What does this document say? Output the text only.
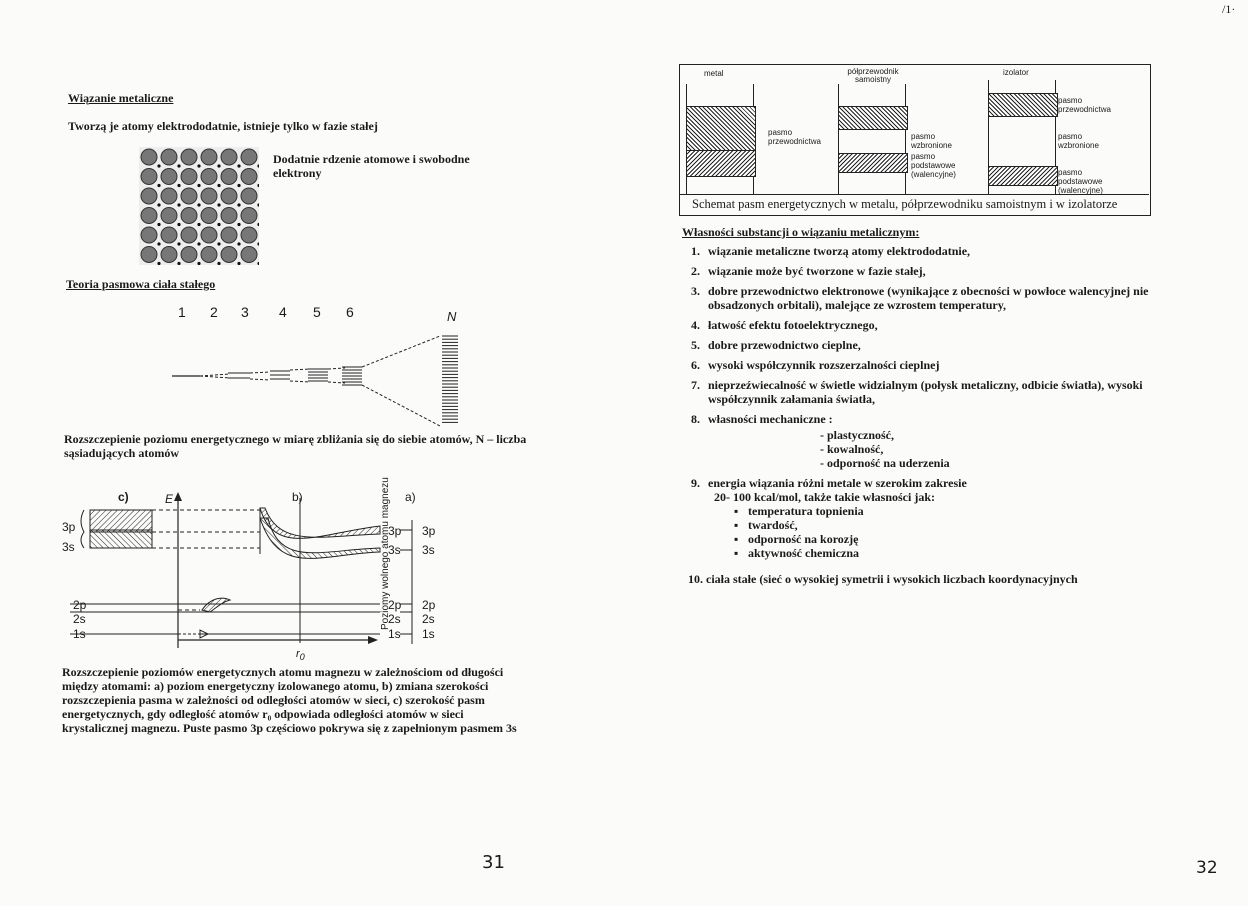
/1·
Wiązanie metaliczne
Tworzą je atomy elektrododatnie, istnieje tylko w fazie stałej
Dodatnie rdzenie atomowe i swobodne elektrony
Teoria pasmowa ciała stałego
1 2 3 4 5 6	N
Rozszczepienie poziomu energetycznego w miarę zbliżania się do siebie atomów, N – liczba sąsiadujących atomów
c)	E	b)	a)
3p
3s
2p
2s
1s
3p
3s
2p
2s
1s
3p
3s
2p
2s
1s
Poziomy wolnego atomu magnezu
$r_0$
Rozszczepienie poziomów energetycznych atomu magnezu w zależnościom od długości między atomami: a) poziom energetyczny izolowanego atomu, b) zmiana szerokości rozszczepienia pasma w zależności od odległości atomów w sieci, c) szerokość pasm energetycznych, gdy odległość atomów r₀ odpowiada odległości atomów w sieci krystalicznej magnezu. Puste pasmo 3p częściowo pokrywa się z zapełnionym pasmem 3s
31
metal	półprzewodnik samoistny
izolator
pasmo przewodnictwa
pasmo wzbronione
pasmo podstawowe (walencyjne)
pasmo przewodnictwa
pasmo wzbronione
pasmo podstawowe (walencyjne)
Schemat pasm energetycznych w metalu, półprzewodniku samoistnym i w izolatorze
Własności substancji o wiązaniu metalicznym:
1. wiązanie metaliczne tworzą atomy elektrododatnie,
2. wiązanie może być tworzone w fazie stałej,
3. dobre przewodnictwo elektronowe (wynikające z obecności w powłoce walencyjnej nie obsadzonych orbitali), malejące ze wzrostem temperatury,
4. łatwość efektu fotoelektrycznego,
5. dobre przewodnictwo cieplne,
6. wysoki współczynnik rozszerzalności cieplnej
7. nieprzeźwiecalność w świetle widzialnym (połysk metaliczny, odbicie światła), wysoki współczynnik załamania światła,
8. własności mechaniczne :
- plastyczność,
- kowalność,
- odporność na uderzenia
9. energia wiązania różni metale w szerokim zakresie
20- 100 kcal/mol, także takie własności jak:
▪ temperatura topnienia
▪ twardość,
▪ odporność na korozję
▪ aktywność chemiczna
10. ciała stałe (sieć o wysokiej symetrii i wysokich liczbach koordynacyjnych
32
